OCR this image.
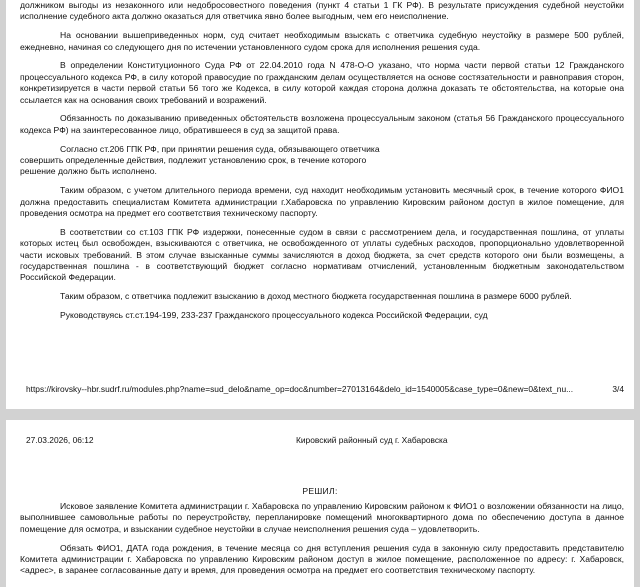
должником выгоды из незаконного или недобросовестного поведения (пункт 4 статьи 1 ГК РФ). В результате присуждения судебной неустойки исполнение судебного акта должно оказаться для ответчика явно более выгодным, чем его неисполнение.

На основании вышеприведенных норм, суд считает необходимым взыскать с ответчика судебную неустойку в размере 500 рублей, ежедневно, начиная со следующего дня по истечении установленного судом срока для исполнения решения суда.

В определении Конституционного Суда РФ от 22.04.2010 года N 478-О-О указано, что норма части первой статьи 12 Гражданского процессуального кодекса РФ, в силу которой правосудие по гражданским делам осуществляется на основе состязательности и равноправия сторон, конкретизируется в части первой статьи 56 того же Кодекса, в силу которой каждая сторона должна доказать те обстоятельства, на которые она ссылается как на основания своих требований и возражений.

Обязанность по доказыванию приведенных обстоятельств возложена процессуальным законом (статья 56 Гражданского процессуального кодекса РФ) на заинтересованное лицо, обратившееся в суд за защитой права.

Согласно ст.206 ГПК РФ, при принятии решения суда, обязывающего ответчика

совершить определенные действия, подлежит установлению срок, в течение которого

решение должно быть исполнено.

Таким образом, с учетом длительного периода времени, суд находит необходимым установить месячный срок, в течение которого ФИО1 должна предоставить специалистам Комитета администрации г.Хабаровска по управлению Кировским районом доступ в жилое помещение, для проведения осмотра на предмет его соответствия техническому паспорту.

В соответствии со ст.103 ГПК РФ издержки, понесенные судом в связи с рассмотрением дела, и государственная пошлина, от уплаты которых истец был освобожден, взыскиваются с ответчика, не освобожденного от уплаты судебных расходов, пропорционально удовлетворенной части исковых требований. В этом случае взысканные суммы зачисляются в доход бюджета, за счет средств которого они были возмещены, а государственная пошлина - в соответствующий бюджет согласно нормативам отчислений, установленным бюджетным законодательством Российской Федерации.

Таким образом, с ответчика подлежит взысканию в доход местного бюджета государственная пошлина в размере 6000 рублей.

Руководствуясь ст.ст.194-199, 233-237 Гражданского процессуального кодекса Российской Федерации, суд

https://kirovsky--hbr.sudrf.ru/modules.php?name=sud_delo&name_op=doc&number=27013164&delo_id=1540005&case_type=0&new=0&text_nu...	3/4
27.03.2026, 06:12	Кировский районный суд г. Хабаровска
РЕШИЛ:

Исковое заявление Комитета администрации г. Хабаровска по управлению Кировским районом к ФИО1 о возложении обязанности на лицо, выполнившее самовольные работы по переустройству, перепланировке помещений многоквартирного дома по обеспечению доступа в данное помещение для осмотра, и взыскании судебное неустойки в случае неисполнения решения суда – удовлетворить.

Обязать ФИО1, ДАТА года рождения, в течение месяца со дня вступления решения суда в законную силу предоставить представителю Комитета администрации г. Хабаровска по управлению Кировским районом доступ в жилое помещение, расположенное по адресу: г. Хабаровск, <адрес>, в заранее согласованные дату и время, для проведения осмотра на предмет его соответствия техническому паспорту.
